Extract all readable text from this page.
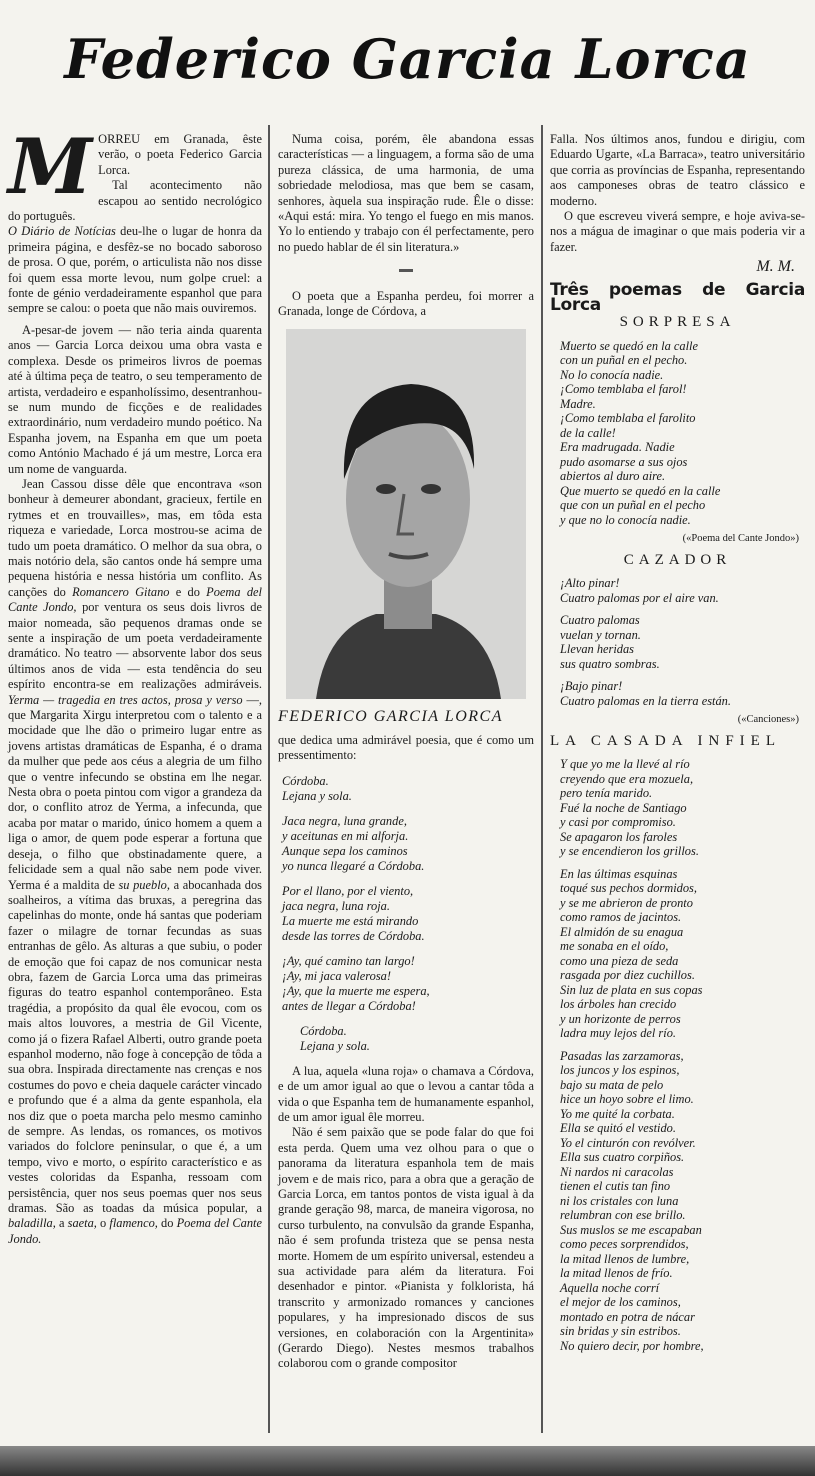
Federico Garcia Lorca

MORREU em Granada, êste verão, o poeta Federico Garcia Lorca.

Tal acontecimento não escapou ao sentido necrológico do português.

O Diário de Notícias deu-lhe o lugar de honra da primeira página, e desfêz-se no bocado saboroso de prosa. O que, porém, o articulista não nos disse foi quem essa morte levou, num golpe cruel: a fonte de génio verdadeiramente espanhol que para sempre se calou: o poeta que não mais ouviremos.

A-pesar-de jovem — não teria ainda quarenta anos — Garcia Lorca deixou uma obra vasta e complexa. Desde os primeiros livros de poemas até à última peça de teatro, o seu temperamento de artista, verdadeiro e espanholíssimo, desentranhou-se num mundo de ficções e de realidades extraordinário, num verdadeiro mundo poético. Na Espanha jovem, na Espanha em que um poeta como António Machado é já um mestre, Lorca era um nome de vanguarda.

Jean Cassou disse dêle que encontrava «son bonheur à demeurer abondant, gracieux, fertile en rytmes et en trouvailles», mas, em tôda esta riqueza e variedade, Lorca mostrou-se acima de tudo um poeta dramático. O melhor da sua obra, o mais notório dela, são cantos onde há sempre uma pequena história e nessa história um conflito. As canções do Romancero Gitano e do Poema del Cante Jondo, por ventura os seus dois livros de maior nomeada, são pequenos dramas onde se sente a inspiração de um poeta verdadeiramente dramático. No teatro — absorvente labor dos seus últimos anos de vida — esta tendência do seu espírito encontra-se em realizações admiráveis. Yerma — tragedia en tres actos, prosa y verso —, que Margarita Xirgu interpretou com o talento e a mocidade que lhe dão o primeiro lugar entre as jovens artistas dramáticas de Espanha, é o drama da mulher que pede aos céus a alegria de um filho que o ventre infecundo se obstina em lhe negar. Nesta obra o poeta pintou com vigor a grandeza da dor, o conflito atroz de Yerma, a infecunda, que acaba por matar o marido, único homem a quem a liga o amor, de quem pode esperar a fortuna que deseja, o filho que obstinadamente quere, a felicidade sem a qual não sabe nem pode viver. Yerma é a maldita de su pueblo, a abocanhada dos soalheiros, a vítima das bruxas, a peregrina das capelinhas do monte, onde há santas que poderiam fazer o milagre de tornar fecundas as suas entranhas de gêlo. As alturas a que subiu, o poder de emoção que foi capaz de nos comunicar nesta obra, fazem de Garcia Lorca uma das primeiras figuras do teatro espanhol contemporâneo. Esta tragédia, a propósito da qual êle evocou, com os mais altos louvores, a mestria de Gil Vicente, como já o fizera Rafael Alberti, outro grande poeta espanhol moderno, não foge à concepção de tôda a sua obra. Inspirada directamente nas crenças e nos costumes do povo e cheia daquele carácter vincado e profundo que é a alma da gente espanhola, ela nos diz que o poeta marcha pelo mesmo caminho de sempre. As lendas, os romances, os motivos variados do folclore peninsular, o que é, a um tempo, vivo e morto, o espírito característico e as vestes coloridas da Espanha, ressoam com persistência, quer nos seus poemas quer nos seus dramas. São as toadas da música popular, a baladilla, a saeta, o flamenco, do Poema del Cante Jondo.

Numa coisa, porém, êle abandona essas características — a linguagem, a forma são de uma pureza clássica, de uma harmonia, de uma sobriedade melodiosa, mas que bem se casam, senhores, àquela sua inspiração rude. Êle o disse: «Aqui está: mira. Yo tengo el fuego en mis manos. Yo lo entiendo y trabajo con él perfectamente, pero no puedo hablar de él sin literatura.»

O poeta que a Espanha perdeu, foi morrer a Granada, longe de Córdova, a

FEDERICO GARCIA LORCA

que dedica uma admirável poesia, que é como um pressentimento:

Córdoba.
Lejana y sola.
Jaca negra, luna grande,
y aceitunas en mi alforja.
Aunque sepa los caminos
yo nunca llegaré a Córdoba.
Por el llano, por el viento,
jaca negra, luna roja.
La muerte me está mirando
desde las torres de Córdoba.
¡Ay, qué camino tan largo!
¡Ay, mi jaca valerosa!
¡Ay, que la muerte me espera,
antes de llegar a Córdoba!
Córdoba.
Lejana y sola.

A lua, aquela «luna roja» o chamava a Córdova, e de um amor igual ao que o levou a cantar tôda a vida o que Espanha tem de humanamente espanhol, de um amor igual êle morreu.

Não é sem paixão que se pode falar do que foi esta perda. Quem uma vez olhou para o que o panorama da literatura espanhola tem de mais jovem e de mais rico, para a obra que a geração de Garcia Lorca, em tantos pontos de vista igual à da grande geração 98, marca, de maneira vigorosa, no curso turbulento, na convulsão da grande Espanha, não é sem profunda tristeza que se pensa nesta morte. Homem de um espírito universal, estendeu a sua actividade para além da literatura. Foi desenhador e pintor. «Pianista y folklorista, há transcrito y armonizado romances y canciones populares, y ha impresionado discos de sus versiones, en colaboración con la Argentinita» (Gerardo Diego). Nestes mesmos trabalhos colaborou com o grande compositor

Falla. Nos últimos anos, fundou e dirigiu, com Eduardo Ugarte, «La Barraca», teatro universitário que corria as províncias de Espanha, representando aos camponeses obras de teatro clássico e moderno.

O que escreveu viverá sempre, e hoje aviva-se-nos a mágua de imaginar o que mais poderia vir a fazer.

M. M.
Três poemas de Garcia Lorca
SORPRESA
Muerto se quedó en la calle
con un puñal en el pecho.
No lo conocía nadie.
¡Como temblaba el farol!
Madre.
¡Como temblaba el farolito
de la calle!
Era madrugada. Nadie
pudo asomarse a sus ojos
abiertos al duro aire.
Que muerto se quedó en la calle
que con un puñal en el pecho
y que no lo conocía nadie.
(«Poema del Cante Jondo»)
CAZADOR
¡Alto pinar!
Cuatro palomas por el aire van.
Cuatro palomas
vuelan y tornan.
Llevan heridas
sus quatro sombras.
¡Bajo pinar!
Cuatro palomas en la tierra están.
(«Canciones»)
LA CASADA INFIEL
Y que yo me la llevé al río
creyendo que era mozuela,
pero tenía marido.
Fué la noche de Santiago
y casi por compromiso.
Se apagaron los faroles
y se encendieron los grillos.
En las últimas esquinas
toqué sus pechos dormidos,
y se me abrieron de pronto
como ramos de jacintos.
El almidón de su enagua
me sonaba en el oído,
como una pieza de seda
rasgada por diez cuchillos.
Sin luz de plata en sus copas
los árboles han crecido
y un horizonte de perros
ladra muy lejos del río.
Pasadas las zarzamoras,
los juncos y los espinos,
bajo su mata de pelo
hice un hoyo sobre el limo.
Yo me quité la corbata.
Ella se quitó el vestido.
Yo el cinturón con revólver.
Ella sus cuatro corpiños.
Ni nardos ni caracolas
tienen el cutis tan fino
ni los cristales con luna
relumbran con ese brillo.
Sus muslos se me escapaban
como peces sorprendidos,
la mitad llenos de lumbre,
la mitad llenos de frío.
Aquella noche corrí
el mejor de los caminos,
montado en potra de nácar
sin bridas y sin estribos.
No quiero decir, por hombre,
